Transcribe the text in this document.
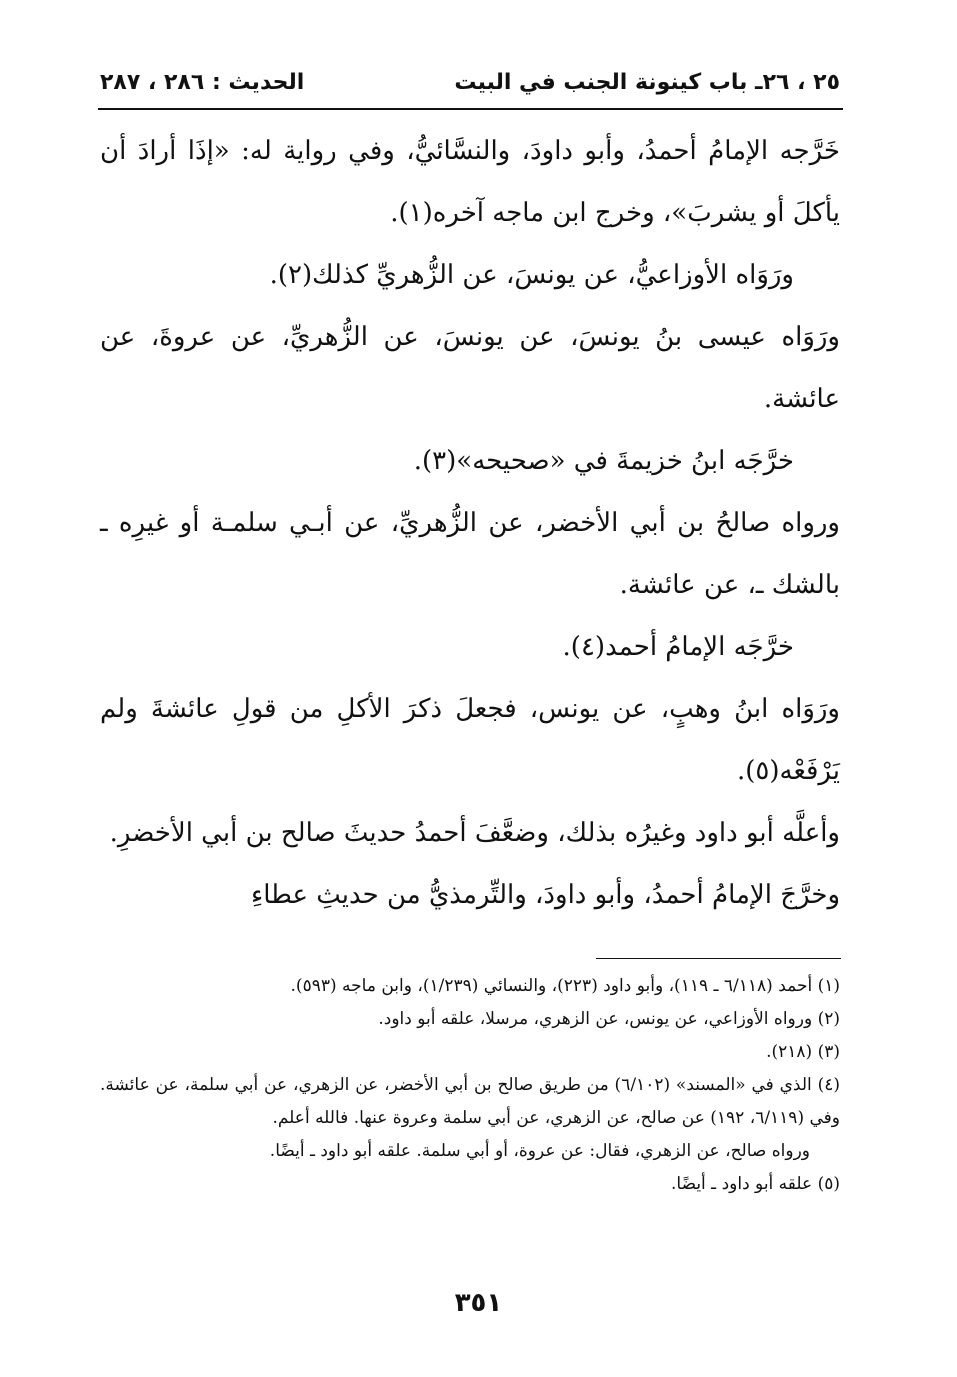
٢٥ ، ٢٦ـ باب كينونة الجنب في البيت
الحديث : ٢٨٦ ، ٢٨٧

خَرَّجه الإمامُ أحمدُ، وأبو داودَ، والنسَّائيُّ، وفي رواية له: «إذَا أرادَ أن يأكلَ أو يشربَ»، وخرج ابن ماجه آخره(١).

ورَوَاه الأوزاعيُّ، عن يونسَ، عن الزُّهريِّ كذلك(٢).

ورَوَاه عيسى بنُ يونسَ، عن يونسَ، عن الزُّهريِّ، عن عروةَ، عن عائشة.

خرَّجَه ابنُ خزيمةَ في «صحيحه»(٣).

ورواه صالحُ بن أبي الأخضر، عن الزُّهريِّ، عن أبـي سلمـة أو غيرِه ـ بالشك ـ، عن عائشة.

خرَّجَه الإمامُ أحمد(٤).

ورَوَاه ابنُ وهبٍ، عن يونس، فجعلَ ذكرَ الأكلِ من قولِ عائشةَ ولم يَرْفَعْه(٥).

وأعلَّه أبو داود وغيرُه بذلك، وضعَّفَ أحمدُ حديثَ صالح بن أبي الأخضرِ.

وخرَّجَ الإمامُ أحمدُ، وأبو داودَ، والتِّرمذيُّ من حديثِ عطاءِ

(١) أحمد (٦/١١٨ ـ ١١٩)، وأبو داود (٢٢٣)، والنسائي (١/٢٣٩)، وابن ماجه (٥٩٣).

(٢) ورواه الأوزاعي، عن يونس، عن الزهري، مرسلا، علقه أبو داود.

(٣) (٢١٨).

(٤) الذي في «المسند» (٦/١٠٢) من طريق صالح بن أبي الأخضر، عن الزهري، عن أبي سلمة، عن عائشة. وفي (٦/١١٩، ١٩٢) عن صالح، عن الزهري، عن أبي سلمة وعروة عنها. فالله أعلم.

ورواه صالح، عن الزهري، فقال: عن عروة، أو أبي سلمة. علقه أبو داود ـ أيضًا.

(٥) علقه أبو داود ـ أيضًا.

٣٥١
